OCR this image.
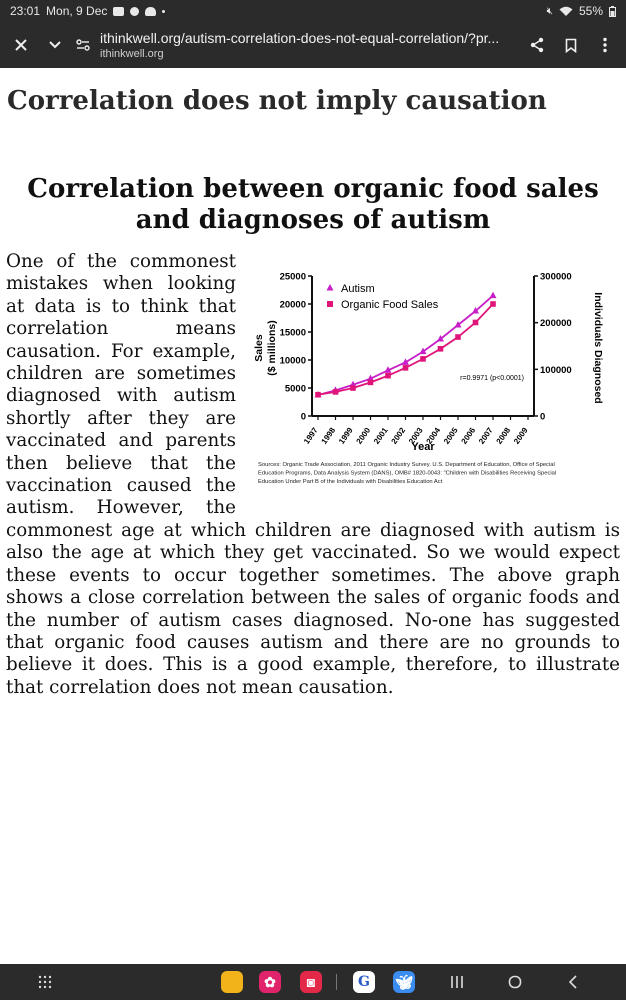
23:01 Mon, 9 Dec	🔇︎ 55%
ithinkwell.org/autism-correlation-does-not-equal-correlation/?pr...
ithinkwell.org
Correlation does not imply causation
Correlation between organic food sales and diagnoses of autism
0
5000
10000
15000
20000
25000
0
100000
200000
300000
1997 1998 1999 2000 2001 2002 2003 2004 2005 2006 2007 2008 2009
Year
Sales ($ millions)	Individuals Diagnosed
Autism
Organic Food Sales
r=0.9971 (p<0.0001)
Sources: Organic Trade Association, 2011 Organic Industry Survey. U.S. Department of Education, Office of Special
Education Programs, Data Analysis System (DANS), OMB# 1820-0043: "Children with Disabilities Receiving Special
Education Under Part B of the Individuals with Disabilities Education Act
One of the commonest mistakes when looking at data is to think that correlation means causation. For example, children are sometimes diagnosed with autism shortly after they are vaccinated and parents then believe that the vaccination caused the autism. However, the commonest age at which children are diagnosed with autism is also the age at which they get vaccinated. So we would expect these events to occur together sometimes. The above graph shows a close correlation between the sales of organic foods and the number of autism cases diagnosed. No-one has suggested that organic food causes autism and there are no grounds to believe it does. This is a good example, therefore, to illustrate that correlation does not mean causation.
✿	◙	G	🦋︎
